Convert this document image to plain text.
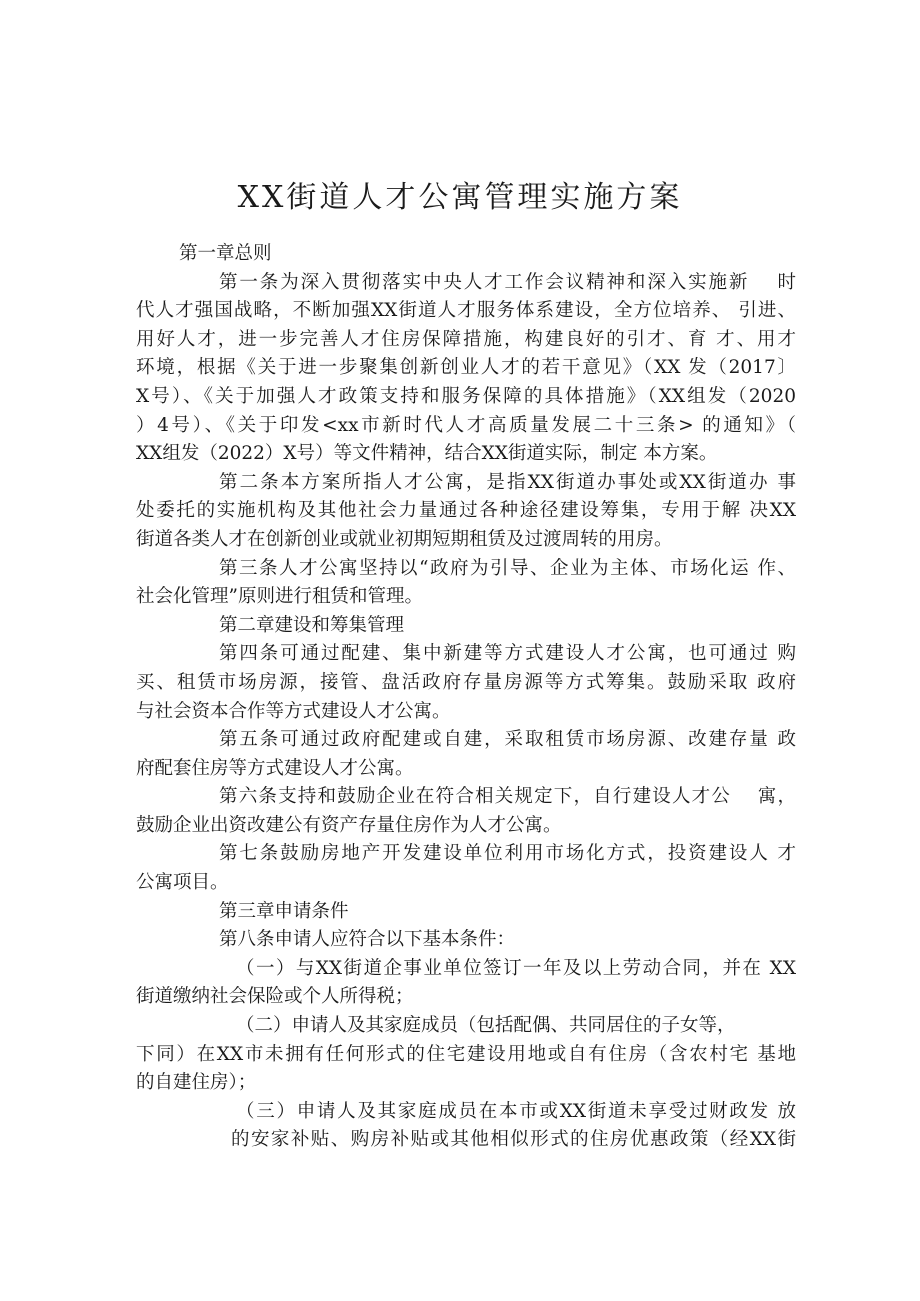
XX街道人才公寓管理实施方案
第一章总则
第一条为深入贯彻落实中央人才工作会议精神和深入实施新　 时
代人才强国战略，不断加强XX街道人才服务体系建设，全方位培养、 引进、
用好人才，进一步完善人才住房保障措施，构建良好的引才、育 才、用才
环境，根据《关于进一步聚集创新创业人才的若干意见》（XX 发（2017〕
X号）、《关于加强人才政策支持和服务保障的具体措施》（XX组发（2020
）4号）、《关于印发<xx市新时代人才高质量发展二十三条> 的通知》（
XX组发（2022）X号）等文件精神，结合XX街道实际，制定 本方案。
第二条本方案所指人才公寓，是指XX街道办事处或XX街道办 事
处委托的实施机构及其他社会力量通过各种途径建设筹集，专用于解 决XX
街道各类人才在创新创业或就业初期短期租赁及过渡周转的用房。
第三条人才公寓坚持以“政府为引导、企业为主体、市场化运 作、
社会化管理”原则进行租赁和管理。
第二章建设和筹集管理
第四条可通过配建、集中新建等方式建设人才公寓，也可通过 购
买、租赁市场房源，接管、盘活政府存量房源等方式筹集。鼓励采取 政府
与社会资本合作等方式建设人才公寓。
第五条可通过政府配建或自建，采取租赁市场房源、改建存量 政
府配套住房等方式建设人才公寓。
第六条支持和鼓励企业在符合相关规定下，自行建设人才公　 寓，
鼓励企业出资改建公有资产存量住房作为人才公寓。
第七条鼓励房地产开发建设单位利用市场化方式，投资建设人 才
公寓项目。
第三章申请条件
第八条申请人应符合以下基本条件：
（一）与XX街道企事业单位签订一年及以上劳动合同，并在 XX
街道缴纳社会保险或个人所得税；
（二）申请人及其家庭成员（包括配偶、共同居住的子女等，
下同）在XX市未拥有任何形式的住宅建设用地或自有住房（含农村宅 基地
的自建住房）；
（三）申请人及其家庭成员在本市或XX街道未享受过财政发 放
的安家补贴、购房补贴或其他相似形式的住房优惠政策（经XX街
